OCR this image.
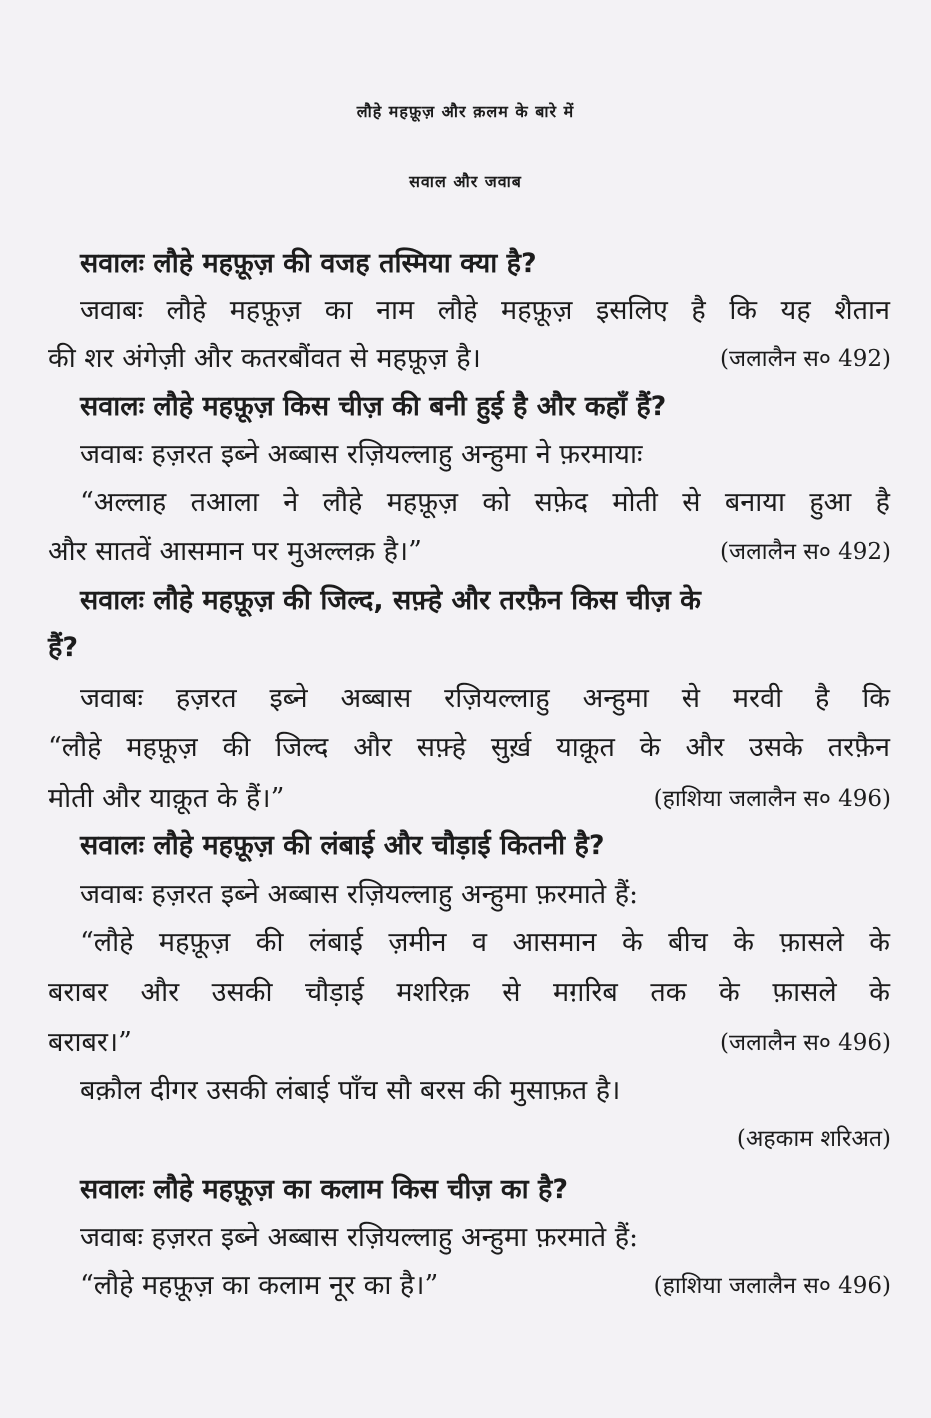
लौहे महफ़ूज़ और क़लम के बारे में
सवाल और जवाब
सवालः लौहे महफ़ूज़ की वजह तस्मिया क्या है?
जवाबः लौहे महफ़ूज़ का नाम लौहे महफ़ूज़ इसलिए है कि यह शैतान
की शर अंगेज़ी और कतरबौंवत से महफ़ूज़ है।	(जलालैन स० 492)
सवालः लौहे महफ़ूज़ किस चीज़ की बनी हुई है और कहाँ हैं?
जवाबः हज़रत इब्ने अब्बास रज़ियल्लाहु अन्हुमा ने फ़रमायाः
“अल्लाह तआला ने लौहे महफ़ूज़ को सफ़ेद मोती से बनाया हुआ है
और सातवें आसमान पर मुअल्लक़ है।”	(जलालैन स० 492)
सवालः लौहे महफ़ूज़ की जिल्द, सफ़्हे और तरफ़ैन किस चीज़ के
हैं?
जवाबः हज़रत इब्ने अब्बास रज़ियल्लाहु अन्हुमा से मरवी है कि
“लौहे महफ़ूज़ की जिल्द और सफ़्हे सुर्ख़ याक़ूत के और उसके तरफ़ैन
मोती और याक़ूत के हैं।”	(हाशिया जलालैन स० 496)
सवालः लौहे महफ़ूज़ की लंबाई और चौड़ाई कितनी है?
जवाबः हज़रत इब्ने अब्बास रज़ियल्लाहु अन्हुमा फ़रमाते हैं:
“लौहे महफ़ूज़ की लंबाई ज़मीन व आसमान के बीच के फ़ासले के
बराबर और उसकी चौड़ाई मशरिक़ से मग़रिब तक के फ़ासले के
बराबर।”	(जलालैन स० 496)
बक़ौल दीगर उसकी लंबाई पाँच सौ बरस की मुसाफ़त है।
(अहकाम शरिअत)
सवालः लौहे महफ़ूज़ का कलाम किस चीज़ का है?
जवाबः हज़रत इब्ने अब्बास रज़ियल्लाहु अन्हुमा फ़रमाते हैं:
“लौहे महफ़ूज़ का कलाम नूर का है।”	(हाशिया जलालैन स० 496)
